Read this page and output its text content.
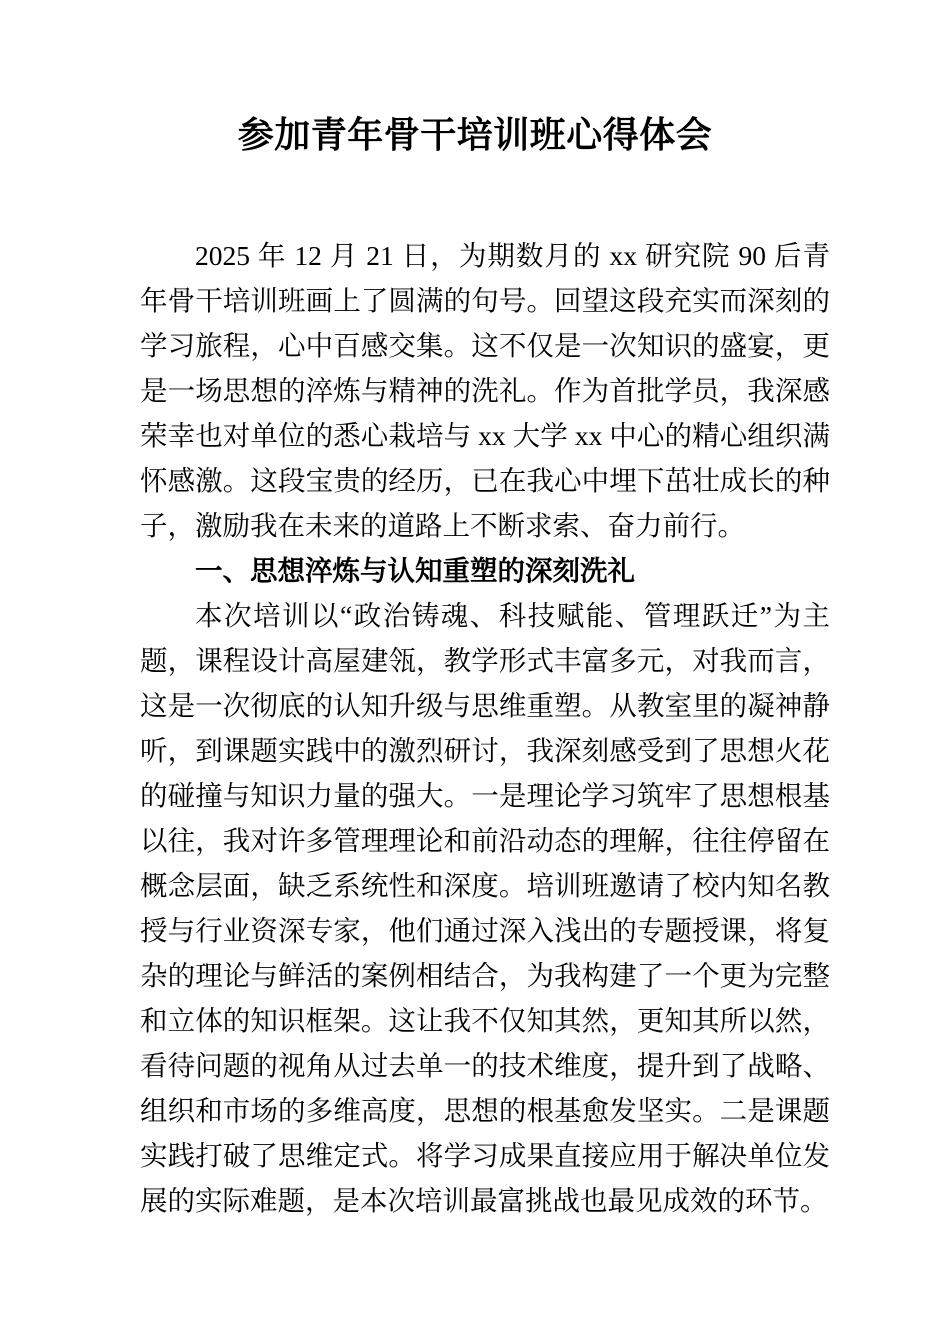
参加青年骨干培训班心得体会

2025 年 12 月 21 日，为期数月的 xx 研究院 90 后青年骨干培训班画上了圆满的句号。回望这段充实而深刻的学习旅程，心中百感交集。这不仅是一次知识的盛宴，更是一场思想的淬炼与精神的洗礼。作为首批学员，我深感荣幸也对单位的悉心栽培与 xx 大学 xx 中心的精心组织满怀感激。这段宝贵的经历，已在我心中埋下茁壮成长的种子，激励我在未来的道路上不断求索、奋力前行。

一、思想淬炼与认知重塑的深刻洗礼

本次培训以“政治铸魂、科技赋能、管理跃迁”为主题，课程设计高屋建瓴，教学形式丰富多元，对我而言，这是一次彻底的认知升级与思维重塑。从教室里的凝神静听，到课题实践中的激烈研讨，我深刻感受到了思想火花的碰撞与知识力量的强大。一是理论学习筑牢了思想根基以往，我对许多管理理论和前沿动态的理解，往往停留在概念层面，缺乏系统性和深度。培训班邀请了校内知名教授与行业资深专家，他们通过深入浅出的专题授课，将复杂的理论与鲜活的案例相结合，为我构建了一个更为完整和立体的知识框架。这让我不仅知其然，更知其所以然，看待问题的视角从过去单一的技术维度，提升到了战略、组织和市场的多维高度，思想的根基愈发坚实。二是课题实践打破了思维定式。将学习成果直接应用于解决单位发展的实际难题，是本次培训最富挑战也最见成效的环节。
